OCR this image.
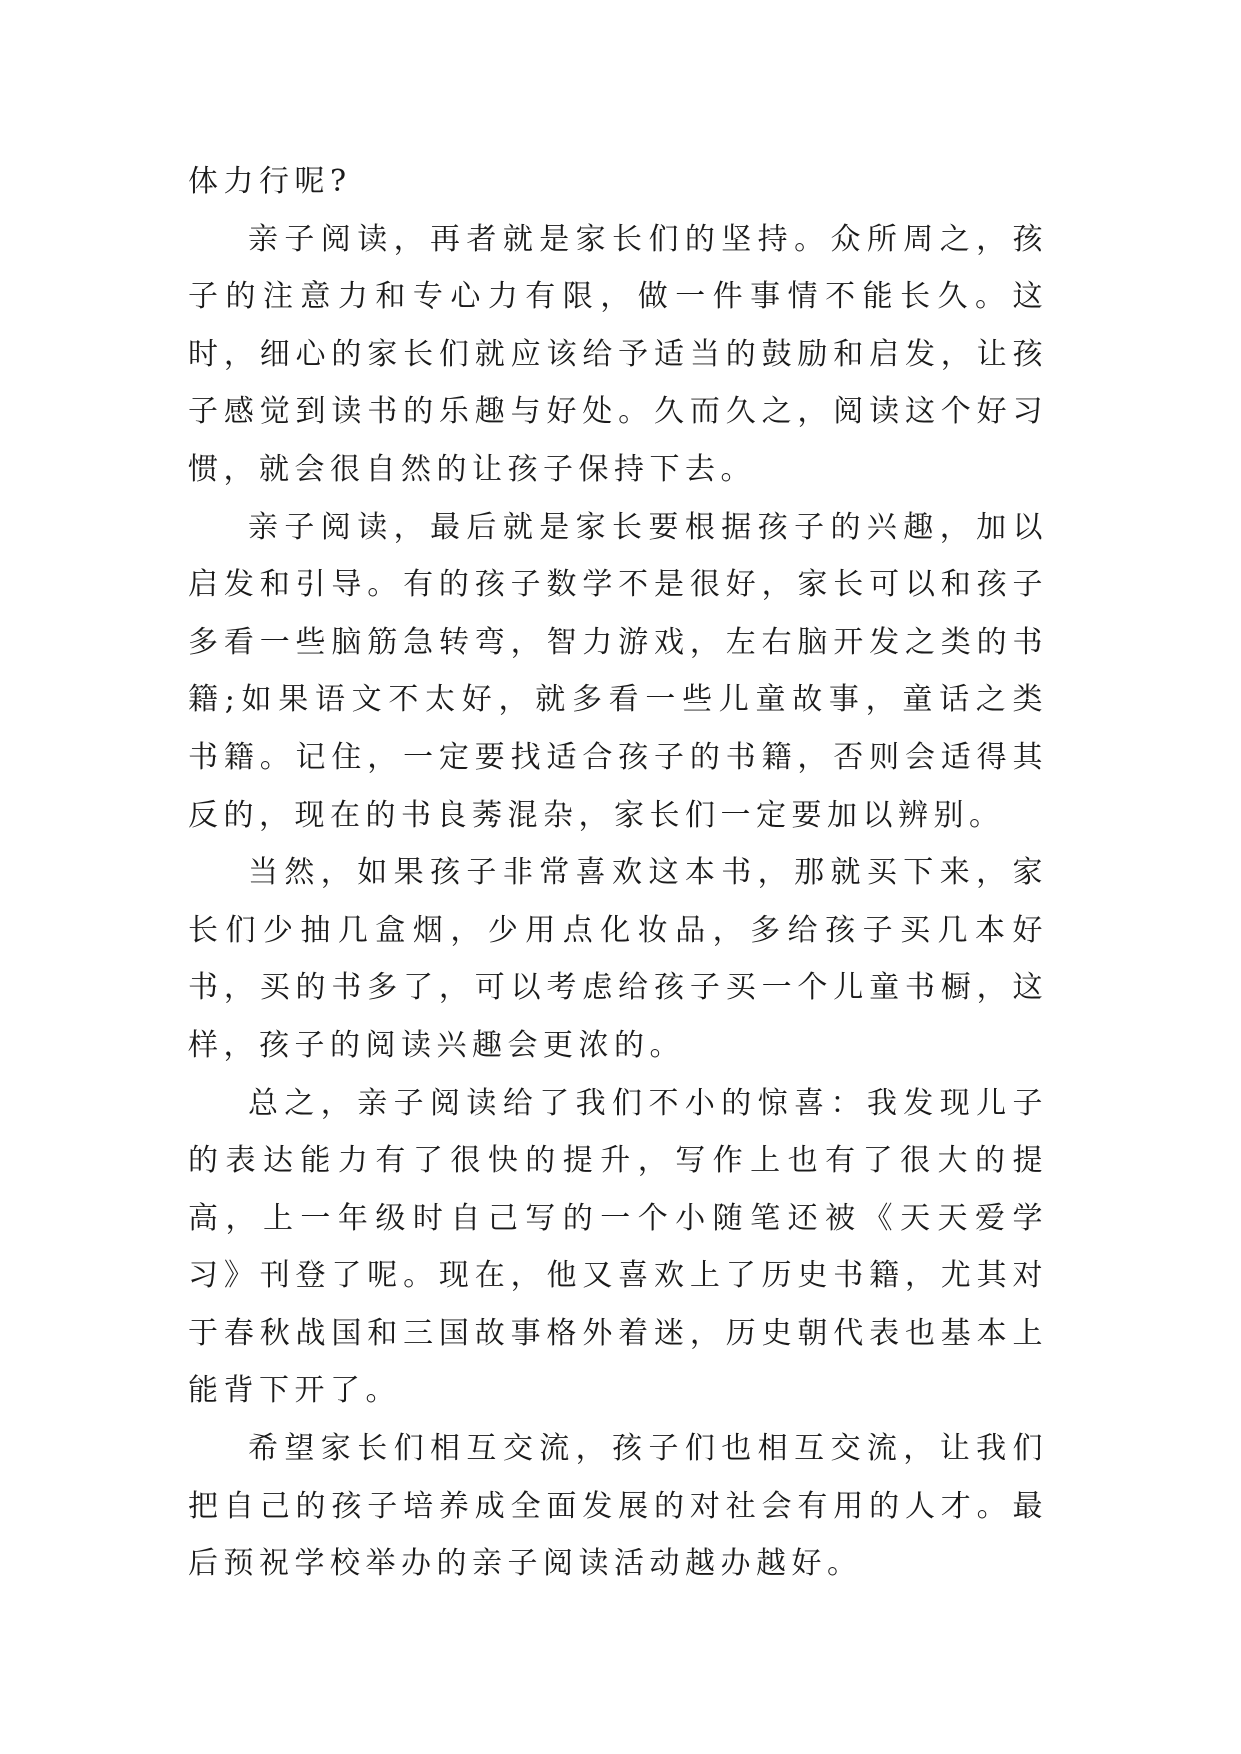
体力行呢?

亲子阅读，再者就是家长们的坚持。众所周之，孩子的注意力和专心力有限，做一件事情不能长久。这时，细心的家长们就应该给予适当的鼓励和启发，让孩子感觉到读书的乐趣与好处。久而久之，阅读这个好习惯，就会很自然的让孩子保持下去。

亲子阅读，最后就是家长要根据孩子的兴趣，加以启发和引导。有的孩子数学不是很好，家长可以和孩子多看一些脑筋急转弯，智力游戏，左右脑开发之类的书籍;如果语文不太好，就多看一些儿童故事，童话之类书籍。记住，一定要找适合孩子的书籍，否则会适得其反的，现在的书良莠混杂，家长们一定要加以辨别。

当然，如果孩子非常喜欢这本书，那就买下来，家长们少抽几盒烟，少用点化妆品，多给孩子买几本好书，买的书多了，可以考虑给孩子买一个儿童书橱，这样，孩子的阅读兴趣会更浓的。

总之，亲子阅读给了我们不小的惊喜：我发现儿子的表达能力有了很快的提升，写作上也有了很大的提高，上一年级时自己写的一个小随笔还被《天天爱学习》刊登了呢。现在，他又喜欢上了历史书籍，尤其对于春秋战国和三国故事格外着迷，历史朝代表也基本上能背下开了。

希望家长们相互交流，孩子们也相互交流，让我们把自己的孩子培养成全面发展的对社会有用的人才。最后预祝学校举办的亲子阅读活动越办越好。
